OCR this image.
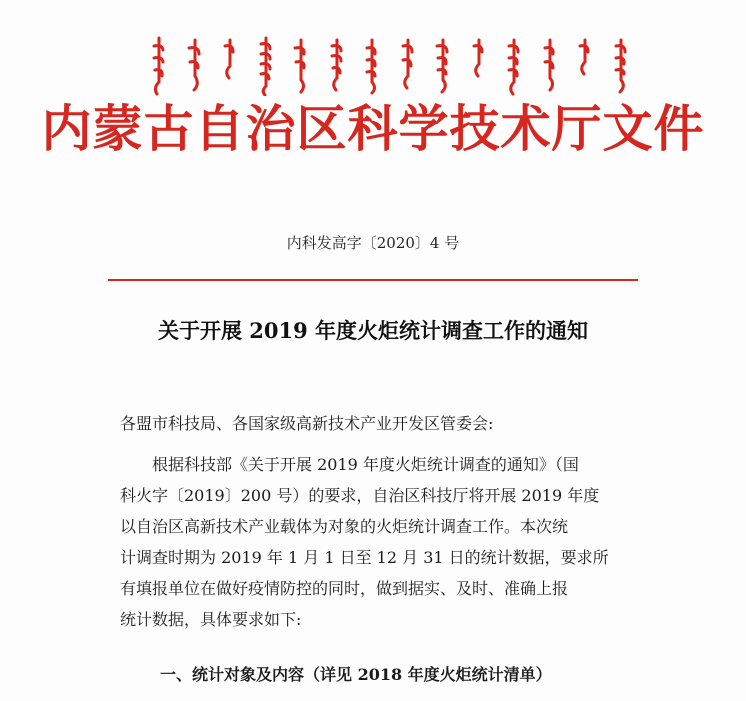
内蒙古自治区科学技术厅文件
内科发高字〔2020〕4 号
关于开展 2019 年度火炬统计调查工作的通知
各盟市科技局、各国家级高新技术产业开发区管委会:
根据科技部《关于开展 2019 年度火炬统计调查的通知》（国
科火字〔2019〕200 号）的要求，自治区科技厅将开展 2019 年度
以自治区高新技术产业载体为对象的火炬统计调查工作。本次统
计调查时期为 2019 年 1 月 1 日至 12 月 31 日的统计数据，要求所
有填报单位在做好疫情防控的同时，做到据实、及时、准确上报
统计数据，具体要求如下:
一、统计对象及内容（详见 2018 年度火炬统计清单）
